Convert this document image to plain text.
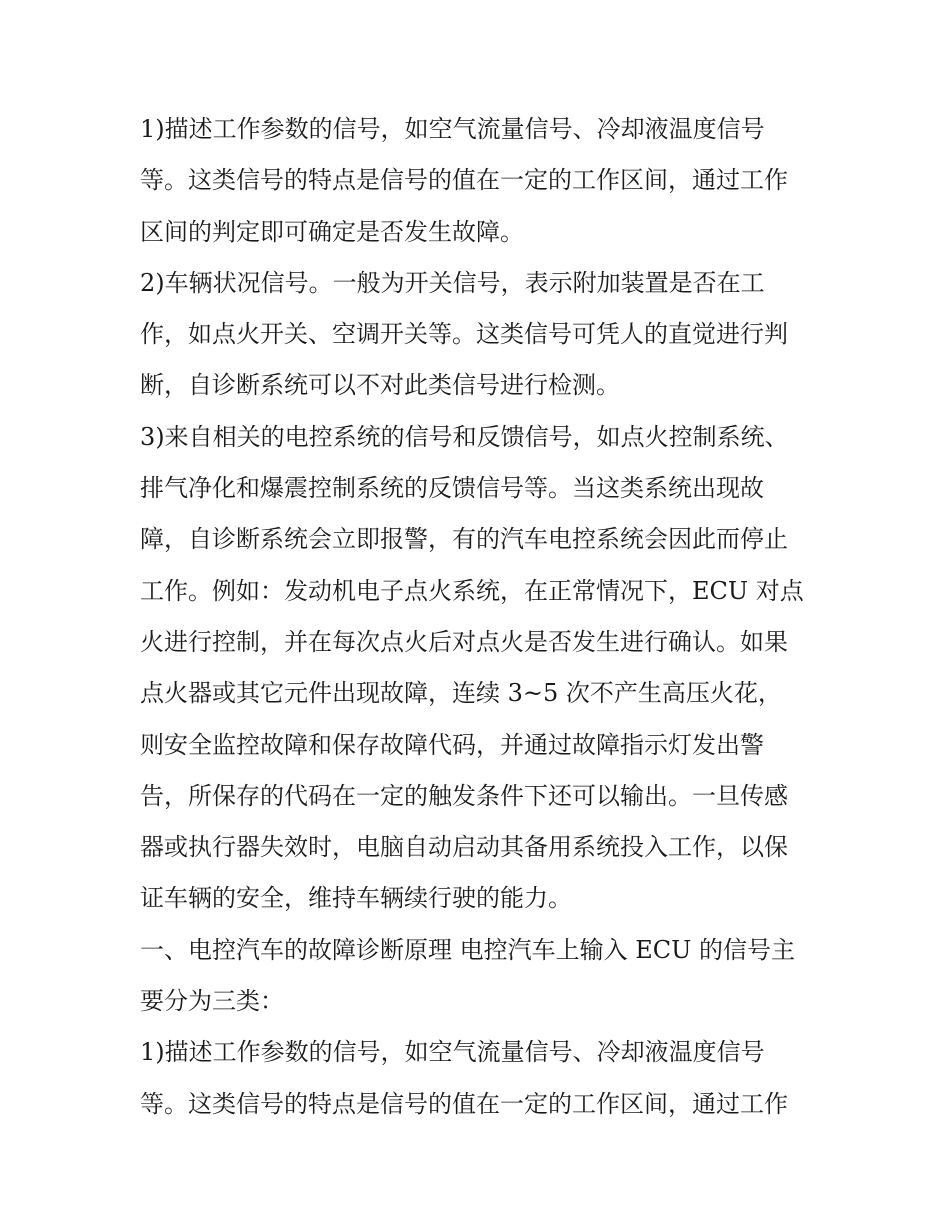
1)描述工作参数的信号，如空气流量信号、冷却液温度信号
等。这类信号的特点是信号的值在一定的工作区间，通过工作
区间的判定即可确定是否发生故障。
2)车辆状况信号。一般为开关信号，表示附加装置是否在工
作，如点火开关、空调开关等。这类信号可凭人的直觉进行判
断，自诊断系统可以不对此类信号进行检测。
3)来自相关的电控系统的信号和反馈信号，如点火控制系统、
排气净化和爆震控制系统的反馈信号等。当这类系统出现故
障，自诊断系统会立即报警，有的汽车电控系统会因此而停止
工作。例如：发动机电子点火系统，在正常情况下，ECU 对点
火进行控制，并在每次点火后对点火是否发生进行确认。如果
点火器或其它元件出现故障，连续 3~5 次不产生高压火花，
则安全监控故障和保存故障代码，并通过故障指示灯发出警
告，所保存的代码在一定的触发条件下还可以输出。一旦传感
器或执行器失效时，电脑自动启动其备用系统投入工作，以保
证车辆的安全，维持车辆续行驶的能力。
一、电控汽车的故障诊断原理 电控汽车上输入 ECU 的信号主
要分为三类：
1)描述工作参数的信号，如空气流量信号、冷却液温度信号
等。这类信号的特点是信号的值在一定的工作区间，通过工作
